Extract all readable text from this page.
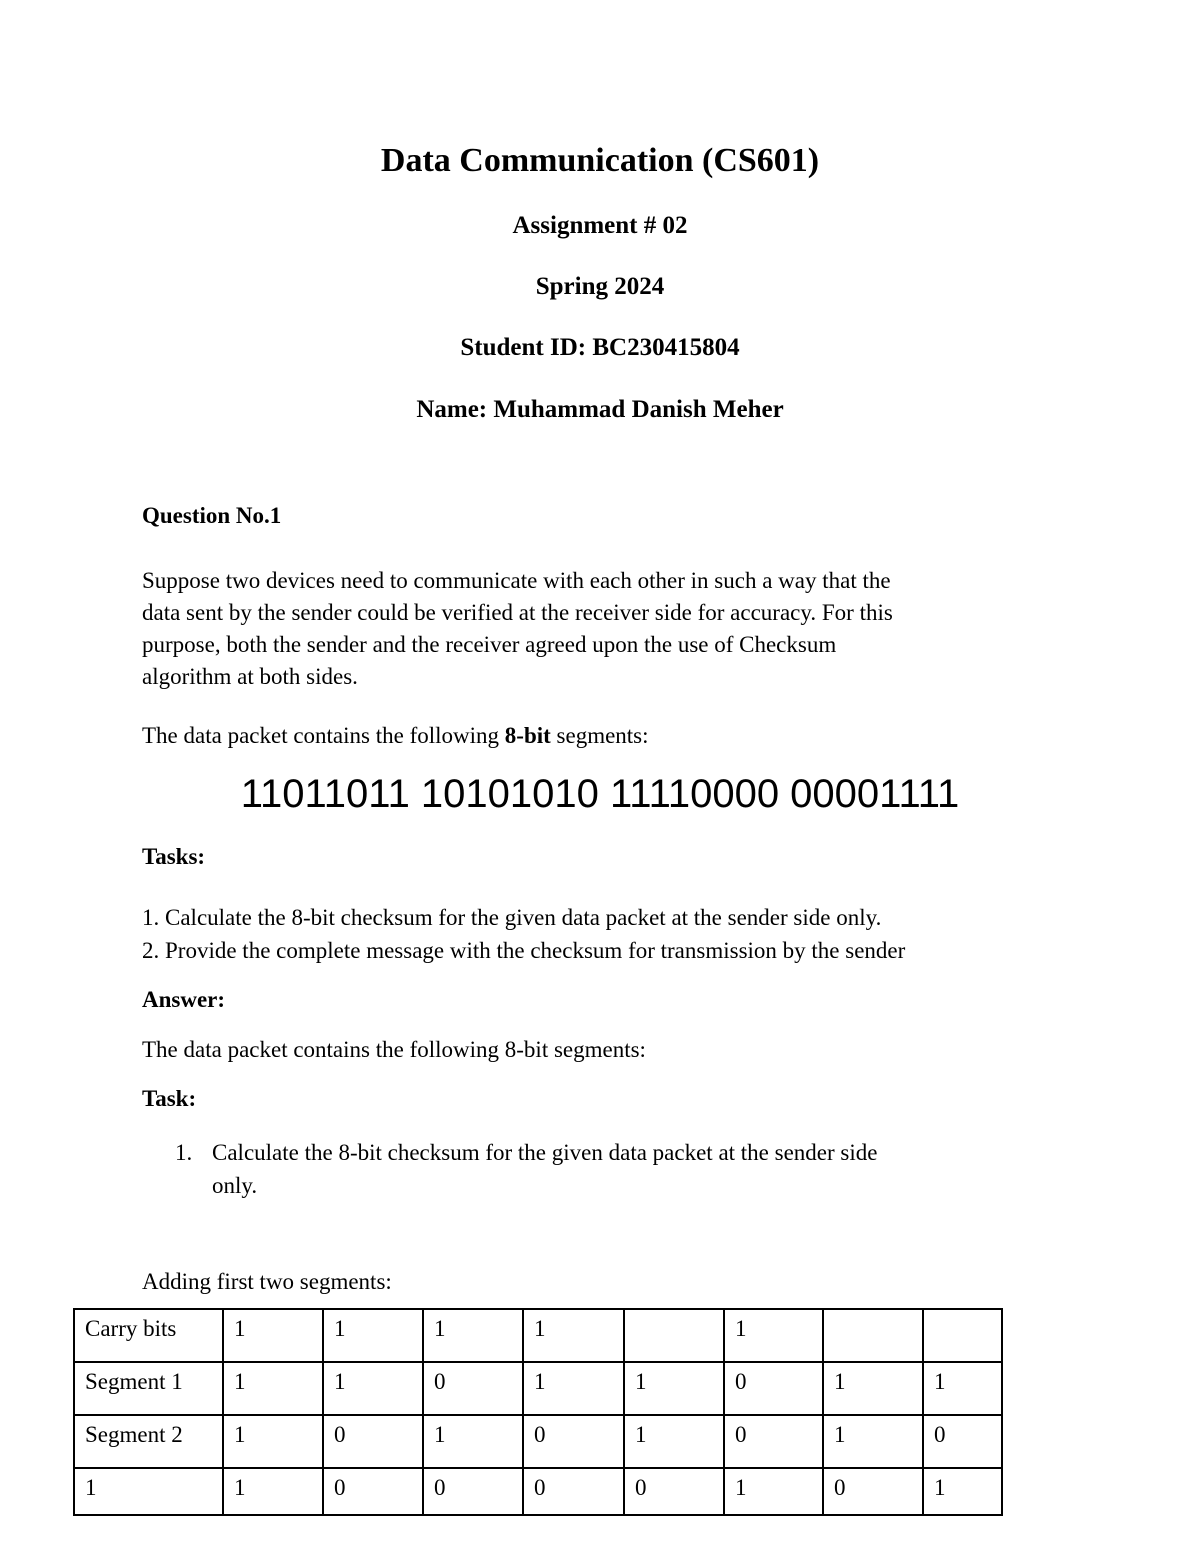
Data Communication (CS601)
Assignment # 02
Spring 2024
Student ID: BC230415804
Name: Muhammad Danish Meher
Question No.1
Suppose two devices need to communicate with each other in such a way that the
data sent by the sender could be verified at the receiver side for accuracy. For this
purpose, both the sender and the receiver agreed upon the use of Checksum
algorithm at both sides.
The data packet contains the following 8-bit segments:
11011011 10101010 11110000 00001111
Tasks:
1. Calculate the 8-bit checksum for the given data packet at the sender side only.
2. Provide the complete message with the checksum for transmission by the sender
Answer:
The data packet contains the following 8-bit segments:
Task:
1. Calculate the 8-bit checksum for the given data packet at the sender side
only.
Adding first two segments:
Carry bits	1	1	1	1		1		
Segment 1	1	1	0	1	1	0	1	1
Segment 2	1	0	1	0	1	0	1	0
1	1	0	0	0	0	1	0	1
